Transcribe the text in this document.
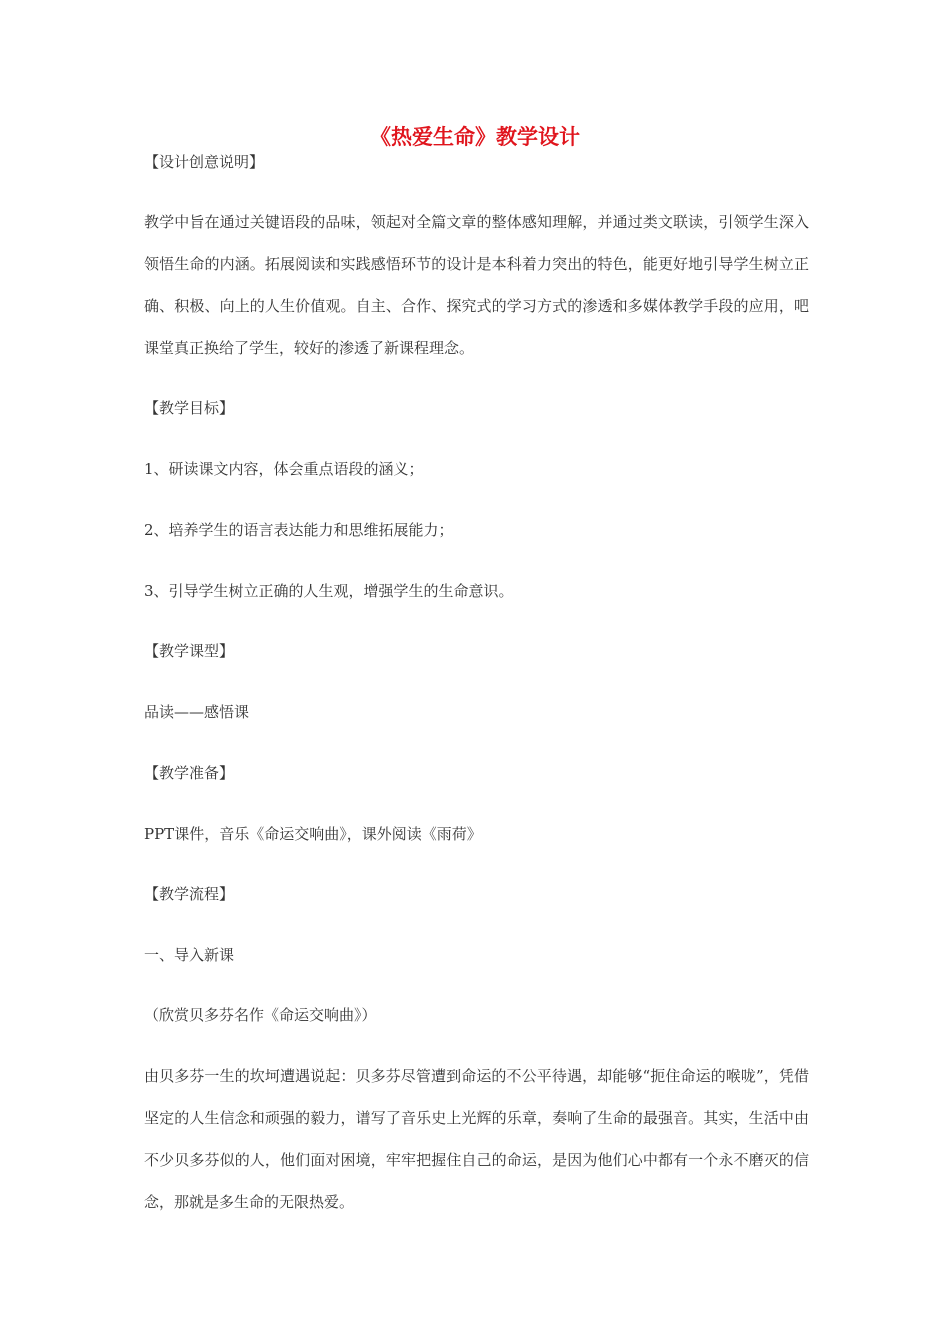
《热爱生命》教学设计
【设计创意说明】
教学中旨在通过关键语段的品味，领起对全篇文章的整体感知理解，并通过类文联读，引领学生深入领悟生命的内涵。拓展阅读和实践感悟环节的设计是本科着力突出的特色，能更好地引导学生树立正确、积极、向上的人生价值观。自主、合作、探究式的学习方式的渗透和多媒体教学手段的应用，吧课堂真正换给了学生，较好的渗透了新课程理念。
【教学目标】
1、研读课文内容，体会重点语段的涵义；
2、培养学生的语言表达能力和思维拓展能力；
3、引导学生树立正确的人生观，增强学生的生命意识。
【教学课型】
品读——感悟课
【教学准备】
PPT课件，音乐《命运交响曲》，课外阅读《雨荷》
【教学流程】
一、导入新课
（欣赏贝多芬名作《命运交响曲》）
由贝多芬一生的坎坷遭遇说起：贝多芬尽管遭到命运的不公平待遇，却能够“扼住命运的喉咙”，凭借坚定的人生信念和顽强的毅力，谱写了音乐史上光辉的乐章，奏响了生命的最强音。其实，生活中由不少贝多芬似的人，他们面对困境，牢牢把握住自己的命运，是因为他们心中都有一个永不磨灭的信念，那就是多生命的无限热爱。
